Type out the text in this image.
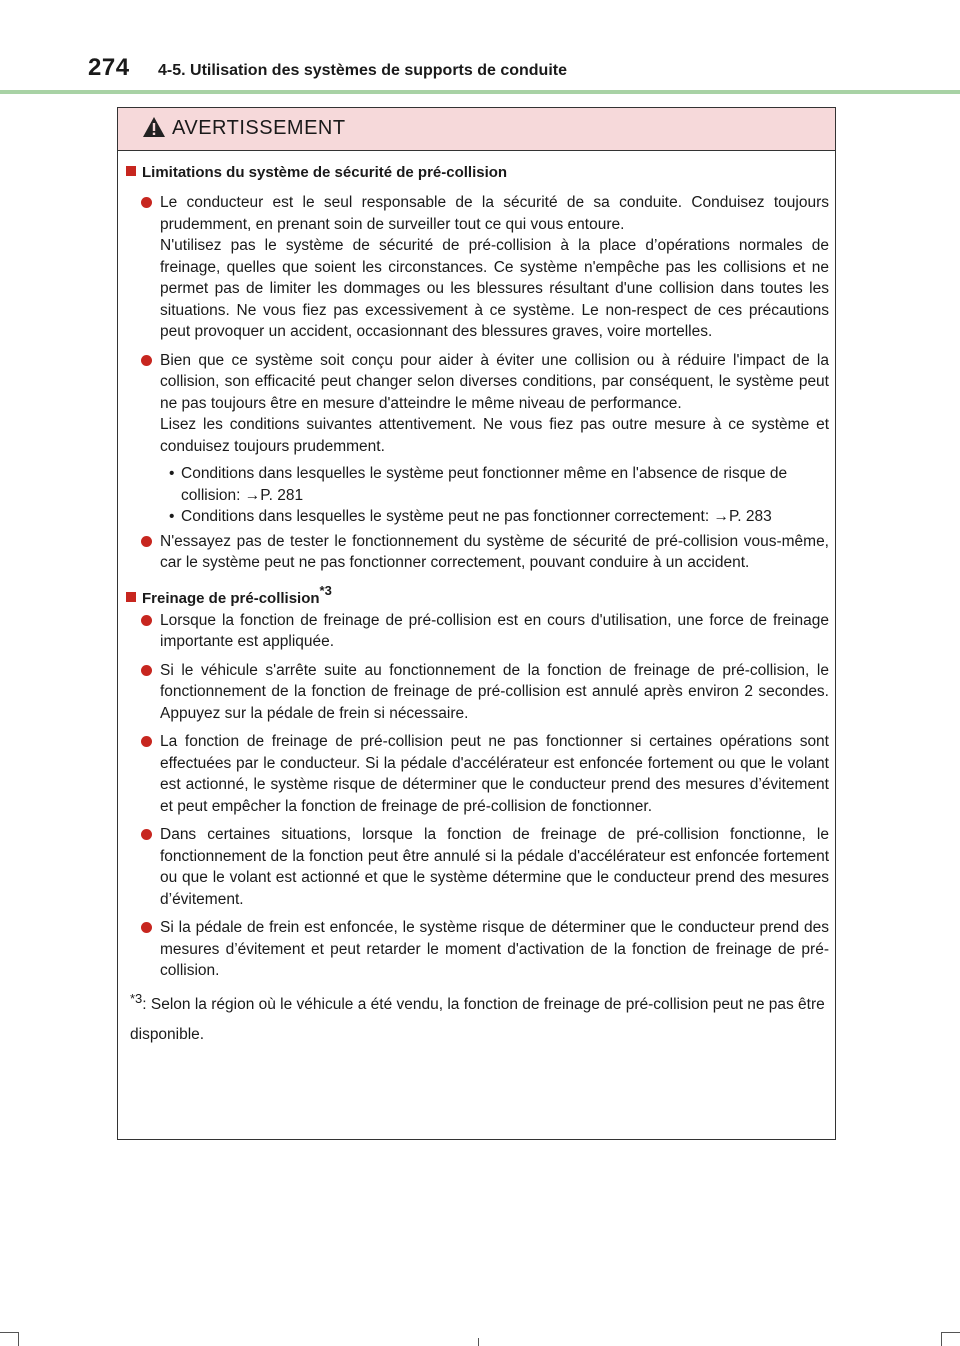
274 4-5. Utilisation des systèmes de supports de conduite
AVERTISSEMENT
Limitations du système de sécurité de pré-collision

Le conducteur est le seul responsable de la sécurité de sa conduite. Conduisez toujours prudemment, en prenant soin de surveiller tout ce qui vous entoure.

N'utilisez pas le système de sécurité de pré-collision à la place d’opérations normales de freinage, quelles que soient les circonstances. Ce système n'empêche pas les collisions et ne permet pas de limiter les dommages ou les blessures résultant d'une collision dans toutes les situations. Ne vous fiez pas excessivement à ce système. Le non-respect de ces précautions peut provoquer un accident, occasionnant des blessures graves, voire mortelles.

Bien que ce système soit conçu pour aider à éviter une collision ou à réduire l'impact de la collision, son efficacité peut changer selon diverses conditions, par conséquent, le système peut ne pas toujours être en mesure d'atteindre le même niveau de performance.

Lisez les conditions suivantes attentivement. Ne vous fiez pas outre mesure à ce système et conduisez toujours prudemment.

• Conditions dans lesquelles le système peut fonctionner même en l'absence de risque de collision: →P. 281
• Conditions dans lesquelles le système peut ne pas fonctionner correctement: →P. 283

N'essayez pas de tester le fonctionnement du système de sécurité de pré-collision vous-même, car le système peut ne pas fonctionner correctement, pouvant conduire à un accident.

Freinage de pré-collision$^{*3}$

Lorsque la fonction de freinage de pré-collision est en cours d'utilisation, une force de freinage importante est appliquée.

Si le véhicule s'arrête suite au fonctionnement de la fonction de freinage de pré-collision, le fonctionnement de la fonction de freinage de pré-collision est annulé après environ 2 secondes. Appuyez sur la pédale de frein si nécessaire.

La fonction de freinage de pré-collision peut ne pas fonctionner si certaines opérations sont effectuées par le conducteur. Si la pédale d'accélérateur est enfoncée fortement ou que le volant est actionné, le système risque de déterminer que le conducteur prend des mesures d’évitement et peut empêcher la fonction de freinage de pré-collision de fonctionner.

Dans certaines situations, lorsque la fonction de freinage de pré-collision fonctionne, le fonctionnement de la fonction peut être annulé si la pédale d'accélérateur est enfoncée fortement ou que le volant est actionné et que le système détermine que le conducteur prend des mesures d’évitement.

Si la pédale de frein est enfoncée, le système risque de déterminer que le conducteur prend des mesures d’évitement et peut retarder le moment d'activation de la fonction de freinage de pré-collision.

$^{*3}$: Selon la région où le véhicule a été vendu, la fonction de freinage de pré-collision peut ne pas être disponible.
